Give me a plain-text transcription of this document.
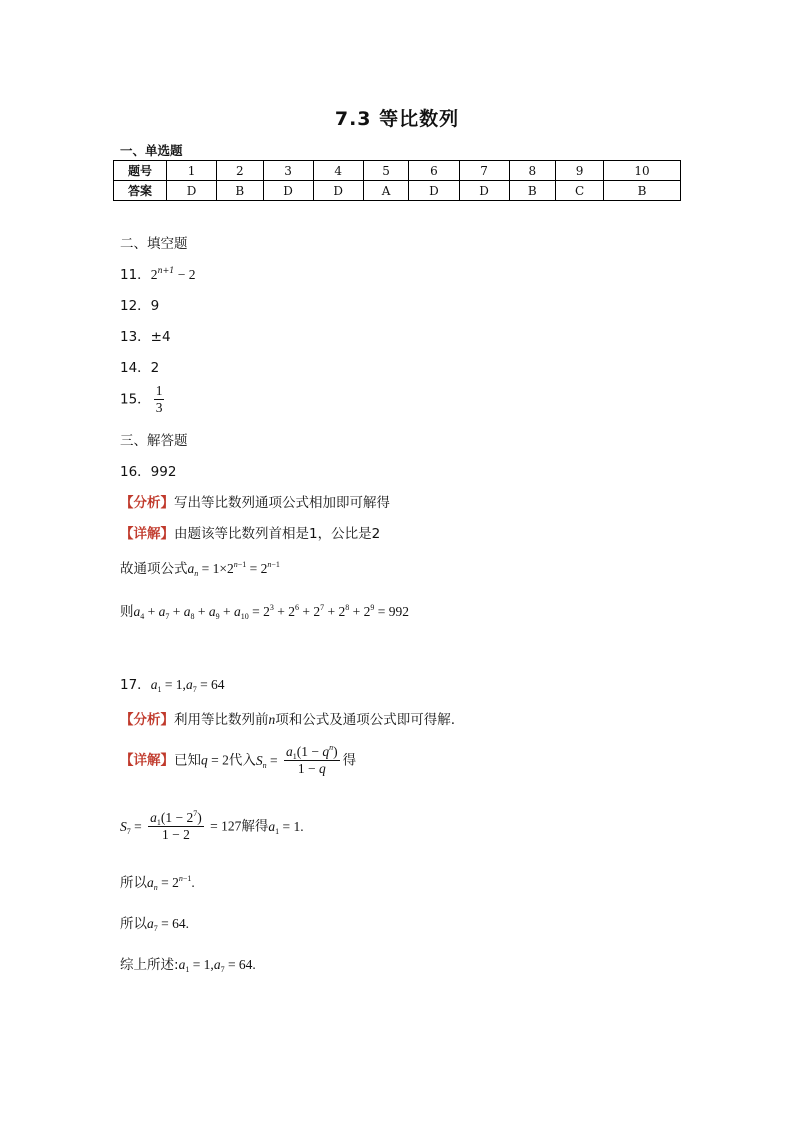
7.3 等比数列
一、单选题
题号	1	2	3	4	5	6	7	8	9	10
答案	D	B	D	D	A	D	D	B	C	B
二、填空题
11．$2^{n+1} - 2$
12．9
13．±4
14．2
15． $\frac{1}{3}$
三、解答题
16．992
【分析】写出等比数列通项公式相加即可解得
【详解】由题该等比数列首相是1，公比是2
故通项公式$a_n = 1\times 2^{n-1} = 2^{n-1}$
则$a_4 + a_7 + a_8 + a_9 + a_{10} = 2^3 + 2^6 + 2^7 + 2^8 + 2^9 = 992$
17．$a_1 = 1,a_7 = 64$
【分析】利用等比数列前n项和公式及通项公式即可得解.
【详解】已知q = 2代入$S_n = \frac{a_1(1 - q^n)}{1 - q}$ 得
$S_7 = \frac{a_1(1 - 2^7)}{1 - 2} = 127$解得$a_1 = 1$.
所以$a_n = 2^{n-1}$.
所以$a_7 = 64$.
综上所述$:a_1 = 1,a_7 = 64$.
